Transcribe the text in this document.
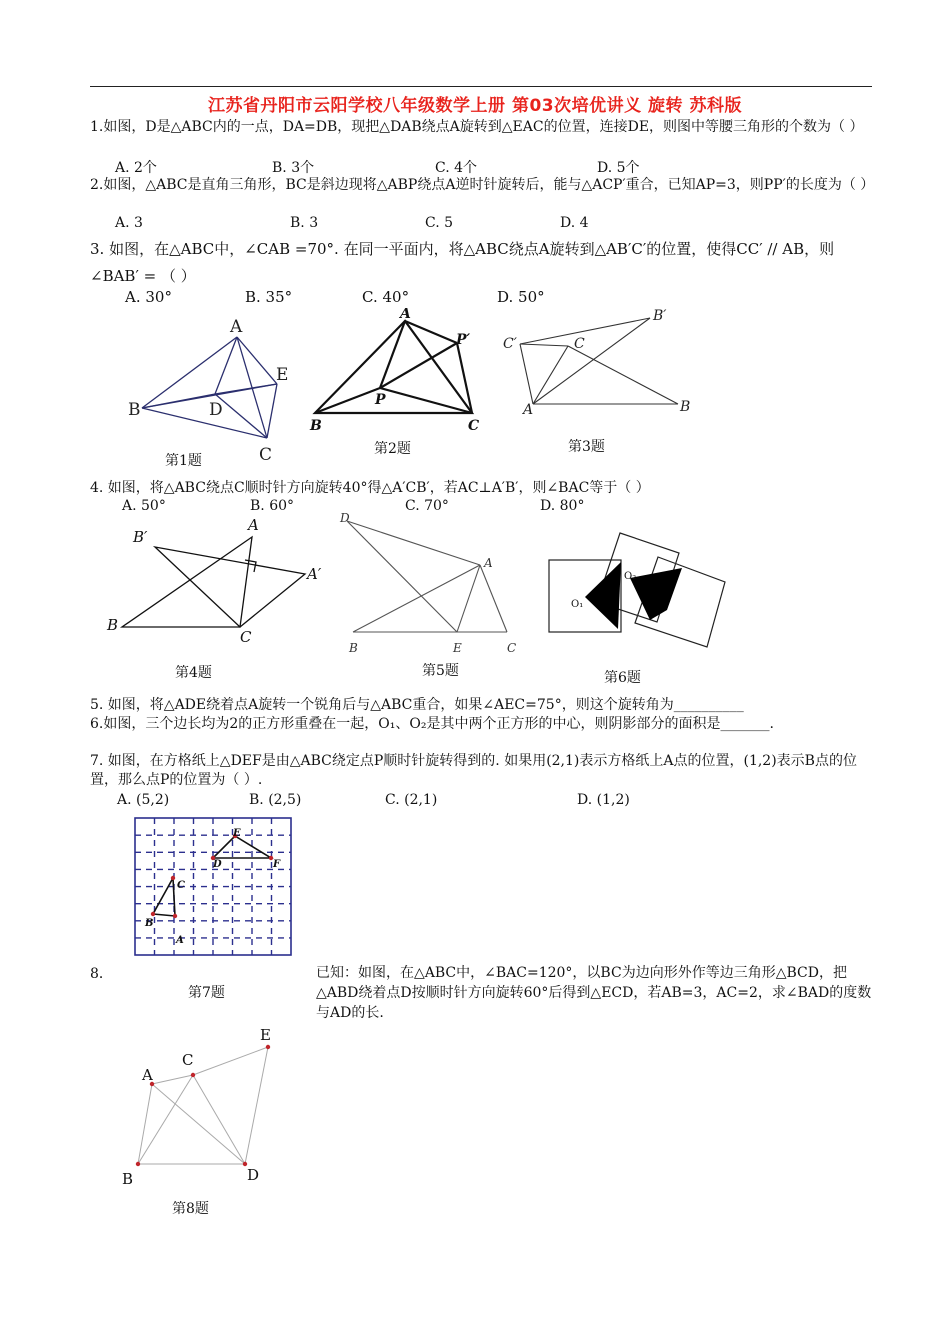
江苏省丹阳市云阳学校八年级数学上册 第03次培优讲义 旋转 苏科版
1.如图，D是△ABC内的一点，DA=DB，现把△DAB绕点A旋转到△EAC的位置，连接DE，则图中等腰三角形的个数为（ ）
A. 2个	B. 3个	C. 4个	D. 5个
2.如图，△ABC是直角三角形，BC是斜边现将△ABP绕点A逆时针旋转后，能与△ACP′重合，已知AP=3，则PP′的长度为（ ）
A. 3	B. 3	C. 5	D. 4
3. 如图，在△ABC中，∠CAB =70°. 在同一平面内，将△ABC绕点A旋转到△AB′C′的位置，使得CC′ // AB，则∠BAB′ = （ ）
A. 30°	B. 35°	C. 40°	D. 50°
A
B
C
D
E
第1题
A
B	C
P
P′
第2题
A	B
C
B′
C′
第3题
4. 如图，将△ABC绕点C顺时针方向旋转40°得△A′CB′，若AC⊥A′B′，则∠BAC等于（ ）
A. 50°	B. 60°	C. 70°	D. 80°
A
B
C
A′
B′
第4题
A
B	C
D
E
第5题
O₁
O₂
第6题
5. 如图，将△ADE绕着点A旋转一个锐角后与△ABC重合，如果∠AEC=75°，则这个旋转角为__________
6.如图，三个边长均为2的正方形重叠在一起，O₁、O₂是其中两个正方形的中心，则阴影部分的面积是_______.
7. 如图，在方格纸上△DEF是由△ABC绕定点P顺时针旋转得到的. 如果用(2,1)表示方格纸上A点的位置，(1,2)表示B点的位置，那么点P的位置为（ ）.
A. (5,2)	B. (2,5)	C. (2,1)	D. (1,2)
A
B
C
D
E
F
第7题
8．	已知：如图，在△ABC中，∠BAC=120°，以BC为边向形外作等边三角形△BCD，把△ABD绕着点D按顺时针方向旋转60°后得到△ECD，若AB=3，AC=2，求∠BAD的度数与AD的长.
A
B
C
D
E
第8题
